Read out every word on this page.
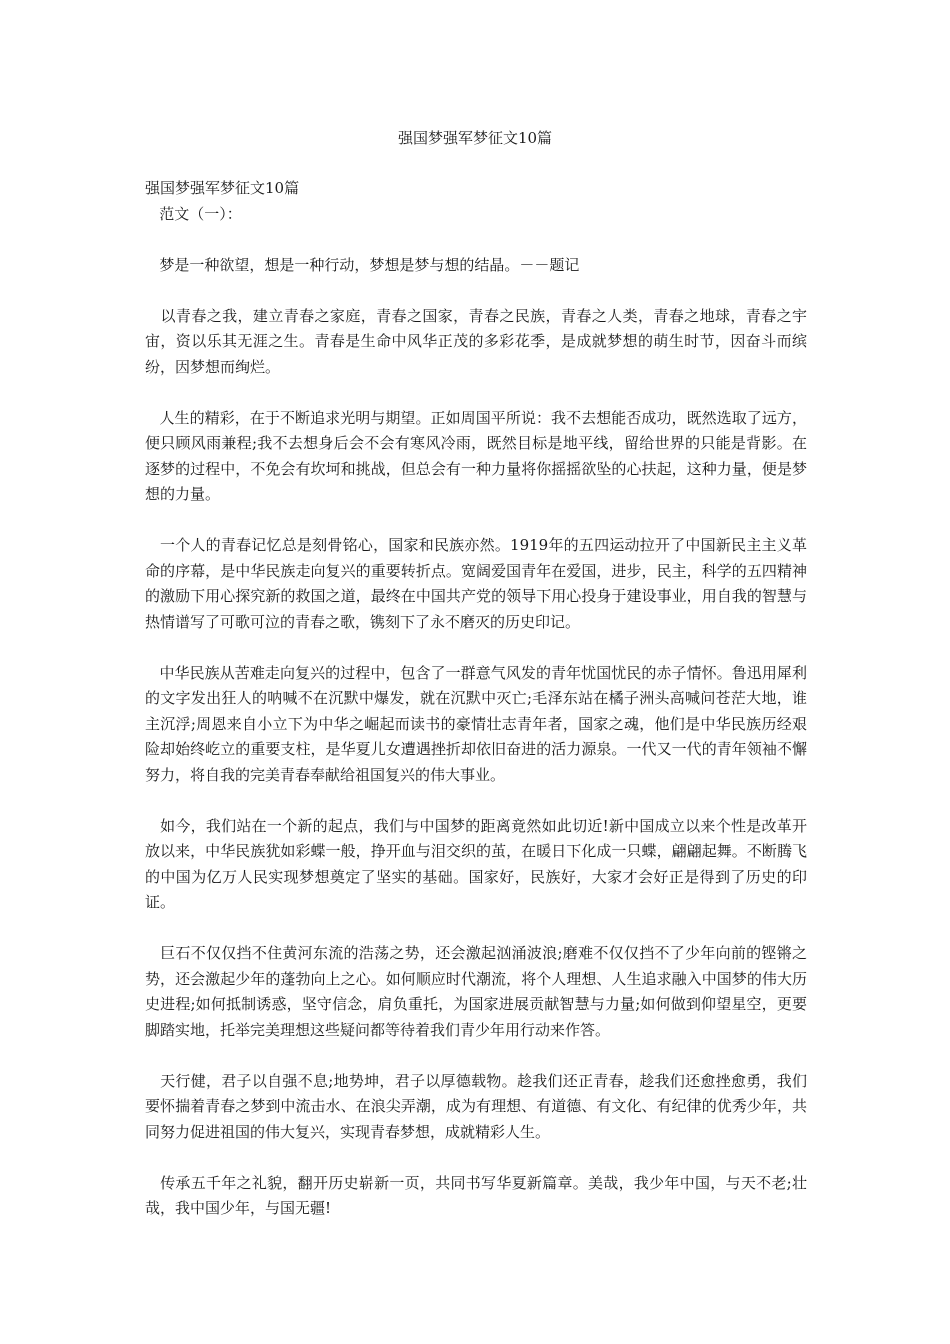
强国梦强军梦征文10篇

强国梦强军梦征文10篇

范文（一）：

梦是一种欲望，想是一种行动，梦想是梦与想的结晶。－－题记

以青春之我，建立青春之家庭，青春之国家，青春之民族，青春之人类，青春之地球，青春之宇宙，资以乐其无涯之生。青春是生命中风华正茂的多彩花季，是成就梦想的萌生时节，因奋斗而缤纷，因梦想而绚烂。

人生的精彩，在于不断追求光明与期望。正如周国平所说：我不去想能否成功，既然选取了远方，便只顾风雨兼程;我不去想身后会不会有寒风冷雨，既然目标是地平线，留给世界的只能是背影。在逐梦的过程中，不免会有坎坷和挑战，但总会有一种力量将你摇摇欲坠的心扶起，这种力量，便是梦想的力量。

一个人的青春记忆总是刻骨铭心，国家和民族亦然。1919年的五四运动拉开了中国新民主主义革命的序幕，是中华民族走向复兴的重要转折点。宽阔爱国青年在爱国，进步，民主，科学的五四精神的激励下用心探究新的救国之道，最终在中国共产党的领导下用心投身于建设事业，用自我的智慧与热情谱写了可歌可泣的青春之歌，镌刻下了永不磨灭的历史印记。

中华民族从苦难走向复兴的过程中，包含了一群意气风发的青年忧国忧民的赤子情怀。鲁迅用犀利的文字发出狂人的呐喊不在沉默中爆发，就在沉默中灭亡;毛泽东站在橘子洲头高喊问苍茫大地，谁主沉浮;周恩来自小立下为中华之崛起而读书的豪情壮志青年者，国家之魂，他们是中华民族历经艰险却始终屹立的重要支柱，是华夏儿女遭遇挫折却依旧奋进的活力源泉。一代又一代的青年领袖不懈努力，将自我的完美青春奉献给祖国复兴的伟大事业。

如今，我们站在一个新的起点，我们与中国梦的距离竟然如此切近!新中国成立以来个性是改革开放以来，中华民族犹如彩蝶一般，挣开血与泪交织的茧，在暖日下化成一只蝶，翩翩起舞。不断腾飞的中国为亿万人民实现梦想奠定了坚实的基础。国家好，民族好，大家才会好正是得到了历史的印证。

巨石不仅仅挡不住黄河东流的浩荡之势，还会激起汹涌波浪;磨难不仅仅挡不了少年向前的铿锵之势，还会激起少年的蓬勃向上之心。如何顺应时代潮流，将个人理想、人生追求融入中国梦的伟大历史进程;如何抵制诱惑，坚守信念，肩负重托，为国家进展贡献智慧与力量;如何做到仰望星空，更要脚踏实地，托举完美理想这些疑问都等待着我们青少年用行动来作答。

天行健，君子以自强不息;地势坤，君子以厚德载物。趁我们还正青春，趁我们还愈挫愈勇，我们要怀揣着青春之梦到中流击水、在浪尖弄潮，成为有理想、有道德、有文化、有纪律的优秀少年，共同努力促进祖国的伟大复兴，实现青春梦想，成就精彩人生。

传承五千年之礼貌，翻开历史崭新一页，共同书写华夏新篇章。美哉，我少年中国，与天不老;壮哉，我中国少年，与国无疆!
